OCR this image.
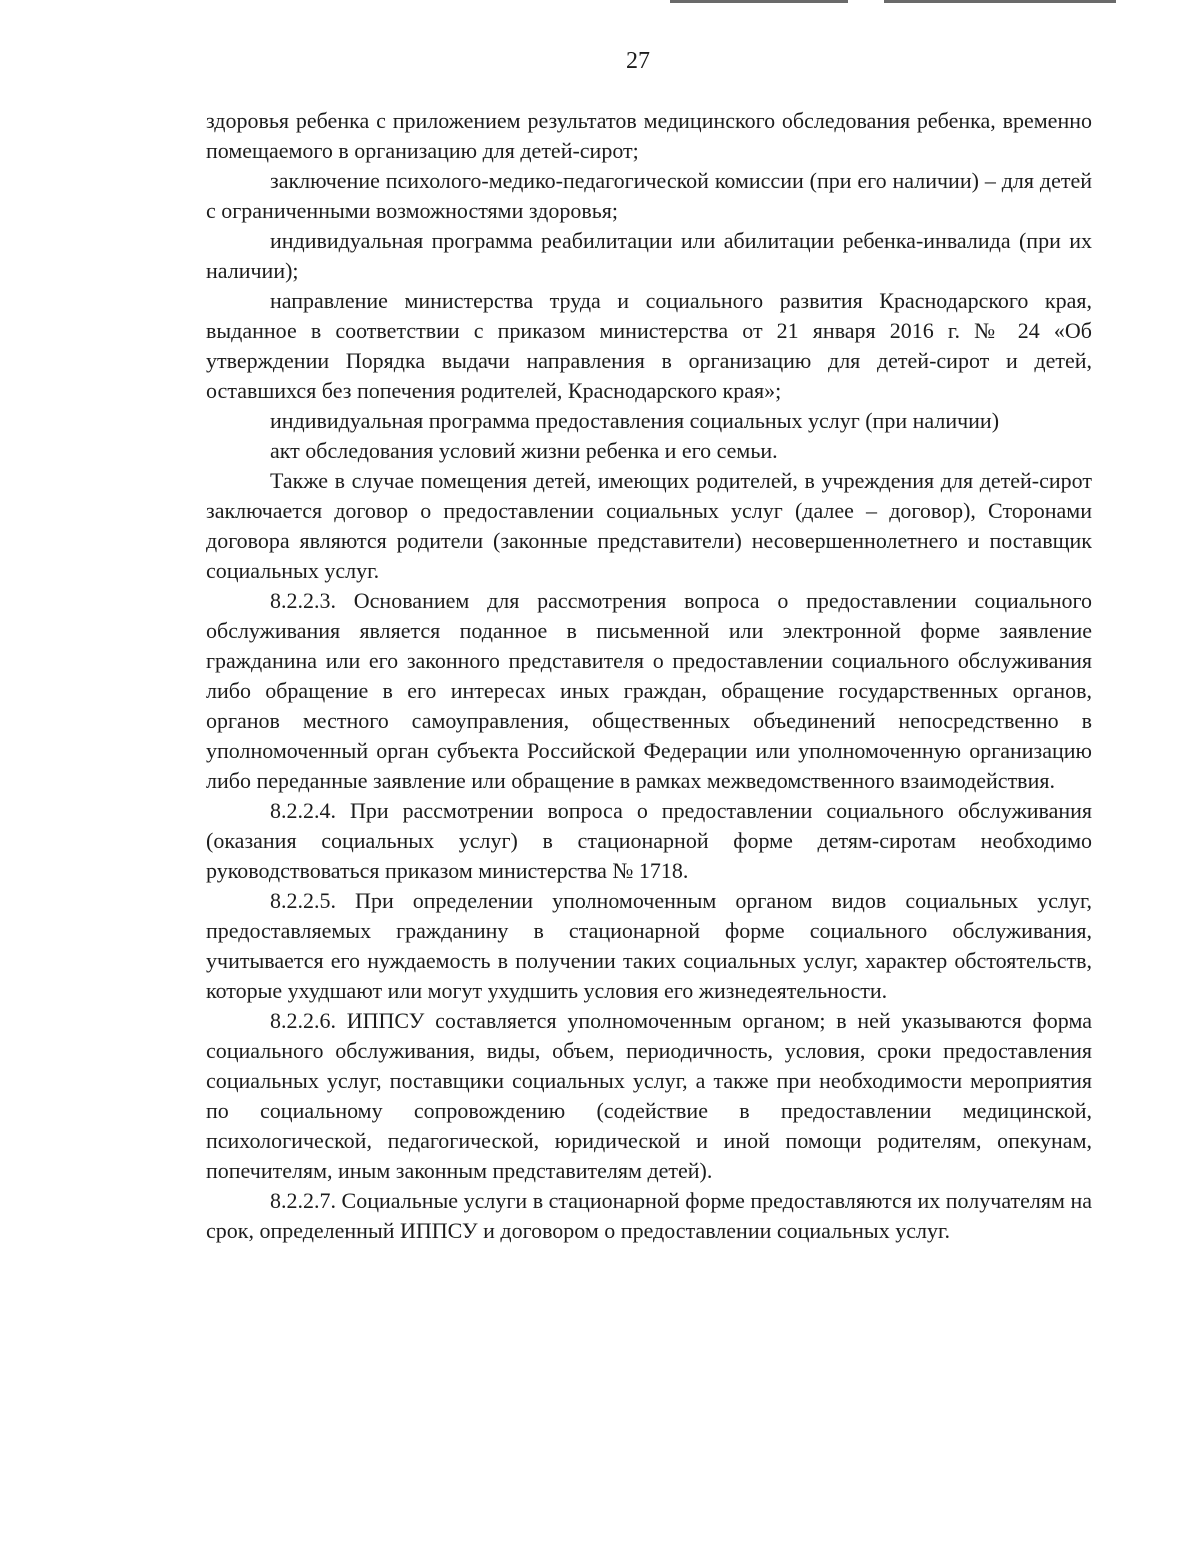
27

здоровья ребенка с приложением результатов медицинского обследования ребенка, временно помещаемого в организацию для детей-сирот;

заключение психолого-медико-педагогической комиссии (при его наличии) – для детей с ограниченными возможностями здоровья;

индивидуальная программа реабилитации или абилитации ребенка-инвалида (при их наличии);

направление министерства труда и социального развития Краснодарского края, выданное в соответствии с приказом министерства от 21 января 2016 г. № 24 «Об утверждении Порядка выдачи направления в организацию для детей-сирот и детей, оставшихся без попечения родителей, Краснодарского края»;

индивидуальная программа предоставления социальных услуг (при наличии)

акт обследования условий жизни ребенка и его семьи.

Также в случае помещения детей, имеющих родителей, в учреждения для детей-сирот заключается договор о предоставлении социальных услуг (далее – договор), Сторонами договора являются родители (законные представители) несовершеннолетнего и поставщик социальных услуг.

8.2.2.3. Основанием для рассмотрения вопроса о предоставлении социального обслуживания является поданное в письменной или электронной форме заявление гражданина или его законного представителя о предоставлении социального обслуживания либо обращение в его интересах иных граждан, обращение государственных органов, органов местного самоуправления, общественных объединений непосредственно в уполномоченный орган субъекта Российской Федерации или уполномоченную организацию либо переданные заявление или обращение в рамках межведомственного взаимодействия.

8.2.2.4. При рассмотрении вопроса о предоставлении социального обслуживания (оказания социальных услуг) в стационарной форме детям-сиротам необходимо руководствоваться приказом министерства № 1718.

8.2.2.5. При определении уполномоченным органом видов социальных услуг, предоставляемых гражданину в стационарной форме социального обслуживания, учитывается его нуждаемость в получении таких социальных услуг, характер обстоятельств, которые ухудшают или могут ухудшить условия его жизнедеятельности.

8.2.2.6. ИППСУ составляется уполномоченным органом; в ней указываются форма социального обслуживания, виды, объем, периодичность, условия, сроки предоставления социальных услуг, поставщики социальных услуг, а также при необходимости мероприятия по социальному сопровождению (содействие в предоставлении медицинской, психологической, педагогической, юридической и иной помощи родителям, опекунам, попечителям, иным законным представителям детей).

8.2.2.7. Социальные услуги в стационарной форме предоставляются их получателям на срок, определенный ИППСУ и договором о предоставлении социальных услуг.
